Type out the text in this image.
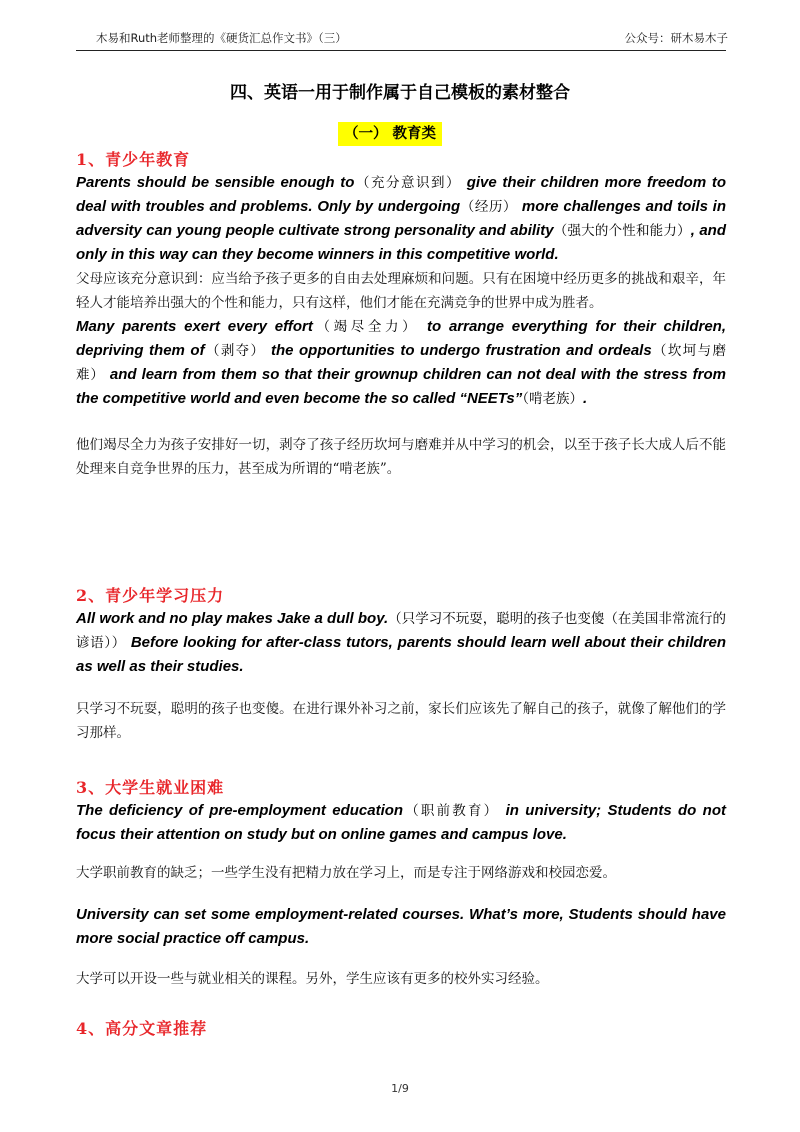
木易和Ruth老师整理的《硬货汇总作文书》（三）	公众号：研木易木子
四、英语一用于制作属于自己模板的素材整合
（一） 教育类
1、青少年教育

Parents should be sensible enough to（充分意识到） give their children more freedom to deal with troubles and problems. Only by undergoing（经历） more challenges and toils in adversity can young people cultivate strong personality and ability（强大的个性和能力）, and only in this way can they become winners in this competitive world.

父母应该充分意识到：应当给予孩子更多的自由去处理麻烦和问题。只有在困境中经历更多的挑战和艰辛，年轻人才能培养出强大的个性和能力，只有这样，他们才能在充满竞争的世界中成为胜者。

Many parents exert every effort（竭尽全力） to arrange everything for their children, depriving them of（剥夺） the opportunities to undergo frustration and ordeals（坎坷与磨难） and learn from them so that their grownup children can not deal with the stress from the competitive world and even become the so called “NEETs”（啃老族）.

他们竭尽全力为孩子安排好一切，剥夺了孩子经历坎坷与磨难并从中学习的机会，以至于孩子长大成人后不能处理来自竞争世界的压力，甚至成为所谓的“啃老族”。

2、青少年学习压力

All work and no play makes Jake a dull boy.（只学习不玩耍，聪明的孩子也变傻（在美国非常流行的谚语）） Before looking for after-class tutors, parents should learn well about their children as well as their studies.

只学习不玩耍，聪明的孩子也变傻。在进行课外补习之前，家长们应该先了解自己的孩子，就像了解他们的学习那样。

3、大学生就业困难

The deficiency of pre-employment education（职前教育） in university; Students do not focus their attention on study but on online games and campus love.

大学职前教育的缺乏；一些学生没有把精力放在学习上，而是专注于网络游戏和校园恋爱。

University can set some employment-related courses. What’s more, Students should have more social practice off campus.

大学可以开设一些与就业相关的课程。另外，学生应该有更多的校外实习经验。

4、高分文章推荐
1/9
